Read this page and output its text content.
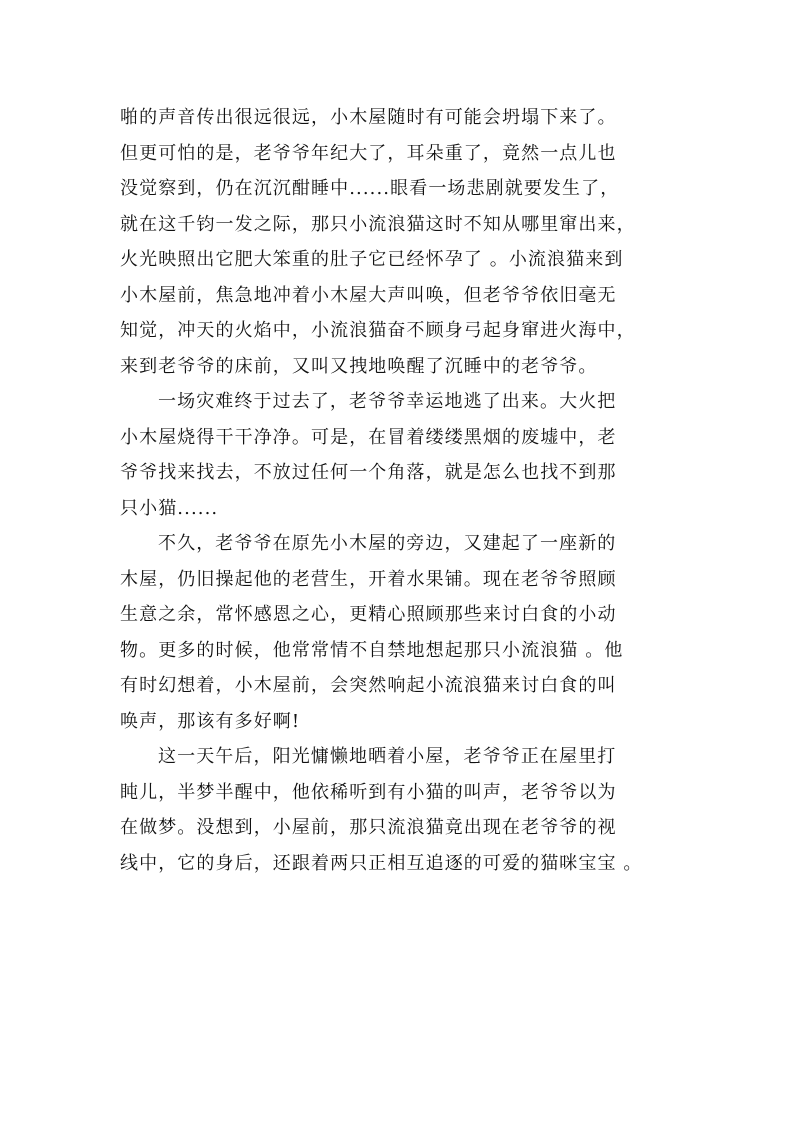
啪的声音传出很远很远，小木屋随时有可能会坍塌下来了。
但更可怕的是，老爷爷年纪大了，耳朵重了，竟然一点儿也
没觉察到，仍在沉沉酣睡中......眼看一场悲剧就要发生了，
就在这千钧一发之际，那只小流浪猫这时不知从哪里窜出来，
火光映照出它肥大笨重的肚子它已经怀孕了 。小流浪猫来到
小木屋前，焦急地冲着小木屋大声叫唤，但老爷爷依旧毫无
知觉，冲天的火焰中，小流浪猫奋不顾身弓起身窜进火海中，
来到老爷爷的床前，又叫又拽地唤醒了沉睡中的老爷爷。
一场灾难终于过去了，老爷爷幸运地逃了出来。大火把
小木屋烧得干干净净。可是，在冒着缕缕黑烟的废墟中，老
爷爷找来找去，不放过任何一个角落，就是怎么也找不到那
只小猫......
不久，老爷爷在原先小木屋的旁边，又建起了一座新的
木屋，仍旧操起他的老营生，开着水果铺。现在老爷爷照顾
生意之余，常怀感恩之心，更精心照顾那些来讨白食的小动
物。更多的时候，他常常情不自禁地想起那只小流浪猫 。他
有时幻想着，小木屋前，会突然响起小流浪猫来讨白食的叫
唤声，那该有多好啊!
这一天午后，阳光慵懒地晒着小屋，老爷爷正在屋里打
盹儿，半梦半醒中，他依稀听到有小猫的叫声，老爷爷以为
在做梦。没想到，小屋前，那只流浪猫竟出现在老爷爷的视
线中，它的身后，还跟着两只正相互追逐的可爱的猫咪宝宝 。
